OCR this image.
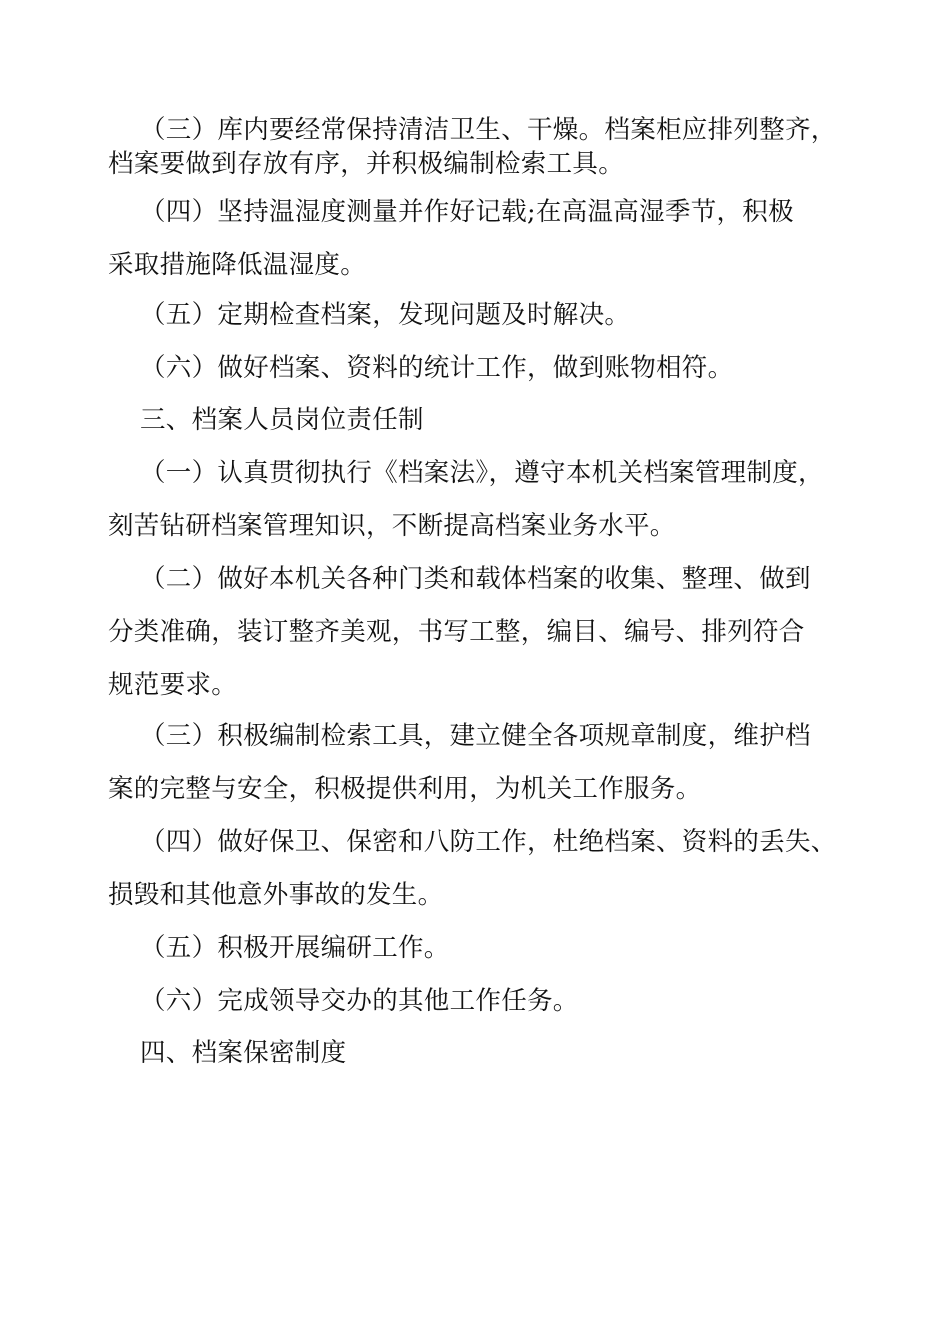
（三）库内要经常保持清洁卫生、干燥。档案柜应排列整齐，
档案要做到存放有序，并积极编制检索工具。
（四）坚持温湿度测量并作好记载;在高温高湿季节，积极
采取措施降低温湿度。
（五）定期检查档案，发现问题及时解决。
（六）做好档案、资料的统计工作，做到账物相符。
三、档案人员岗位责任制
（一）认真贯彻执行《档案法》，遵守本机关档案管理制度，
刻苦钻研档案管理知识，不断提高档案业务水平。
（二）做好本机关各种门类和载体档案的收集、整理、做到
分类准确，装订整齐美观，书写工整，编目、编号、排列符合
规范要求。
（三）积极编制检索工具，建立健全各项规章制度，维护档
案的完整与安全，积极提供利用，为机关工作服务。
（四）做好保卫、保密和八防工作，杜绝档案、资料的丢失、
损毁和其他意外事故的发生。
（五）积极开展编研工作。
（六）完成领导交办的其他工作任务。
四、档案保密制度
